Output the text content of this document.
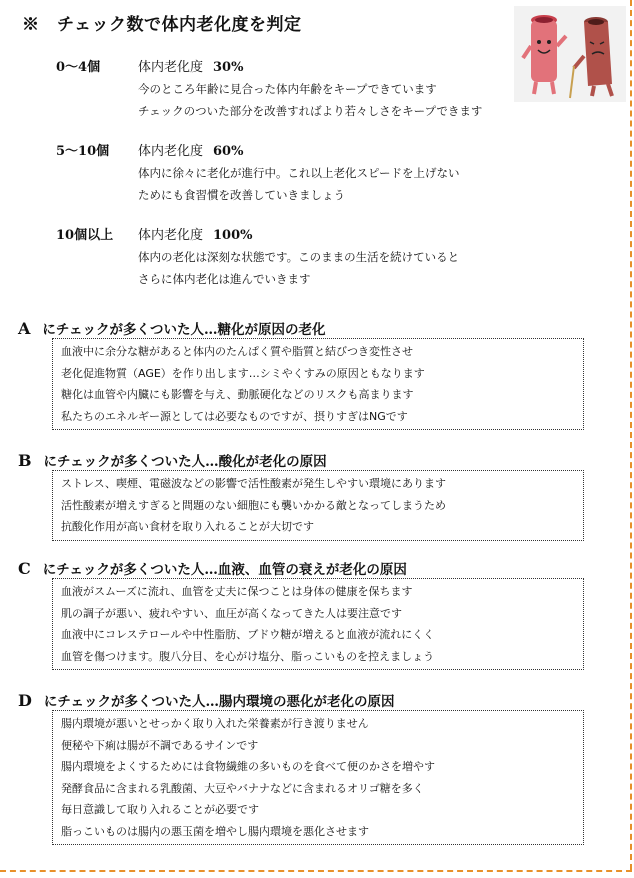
※　チェック数で体内老化度を判定
0～4個	体内老化度 30%
今のところ年齢に見合った体内年齢をキープできています
チェックのついた部分を改善すればより若々しさをキープできます
5～10個 体内老化度 60%
体内に徐々に老化が進行中。これ以上老化スピードを上げない
ためにも食習慣を改善していきましょう
10個以上 体内老化度 100%
体内の老化は深刻な状態です。このままの生活を続けていると
さらに体内老化は進んでいきます
A にチェックが多くついた人…糖化が原因の老化
血液中に余分な糖があると体内のたんぱく質や脂質と結びつき変性させ
老化促進物質（AGE）を作り出します…シミやくすみの原因ともなります
糖化は血管や内臓にも影響を与え、動脈硬化などのリスクも高まります
私たちのエネルギー源としては必要なものですが、摂りすぎはNGです
B にチェックが多くついた人…酸化が老化の原因
ストレス、喫煙、電磁波などの影響で活性酸素が発生しやすい環境にあります
活性酸素が増えすぎると問題のない細胞にも襲いかかる敵となってしまうため
抗酸化作用が高い食材を取り入れることが大切です
C にチェックが多くついた人…血液、血管の衰えが老化の原因
血液がスムーズに流れ、血管を丈夫に保つことは身体の健康を保ちます
肌の調子が悪い、疲れやすい、血圧が高くなってきた人は要注意です
血液中にコレステロールや中性脂肪、ブドウ糖が増えると血液が流れにくく
血管を傷つけます。腹八分目、を心がけ塩分、脂っこいものを控えましょう
D にチェックが多くついた人…腸内環境の悪化が老化の原因
腸内環境が悪いとせっかく取り入れた栄養素が行き渡りません
便秘や下痢は腸が不調であるサインです
腸内環境をよくするためには食物繊維の多いものを食べて便のかさを増やす
発酵食品に含まれる乳酸菌、大豆やバナナなどに含まれるオリゴ糖を多く
毎日意識して取り入れることが必要です
脂っこいものは腸内の悪玉菌を増やし腸内環境を悪化させます
